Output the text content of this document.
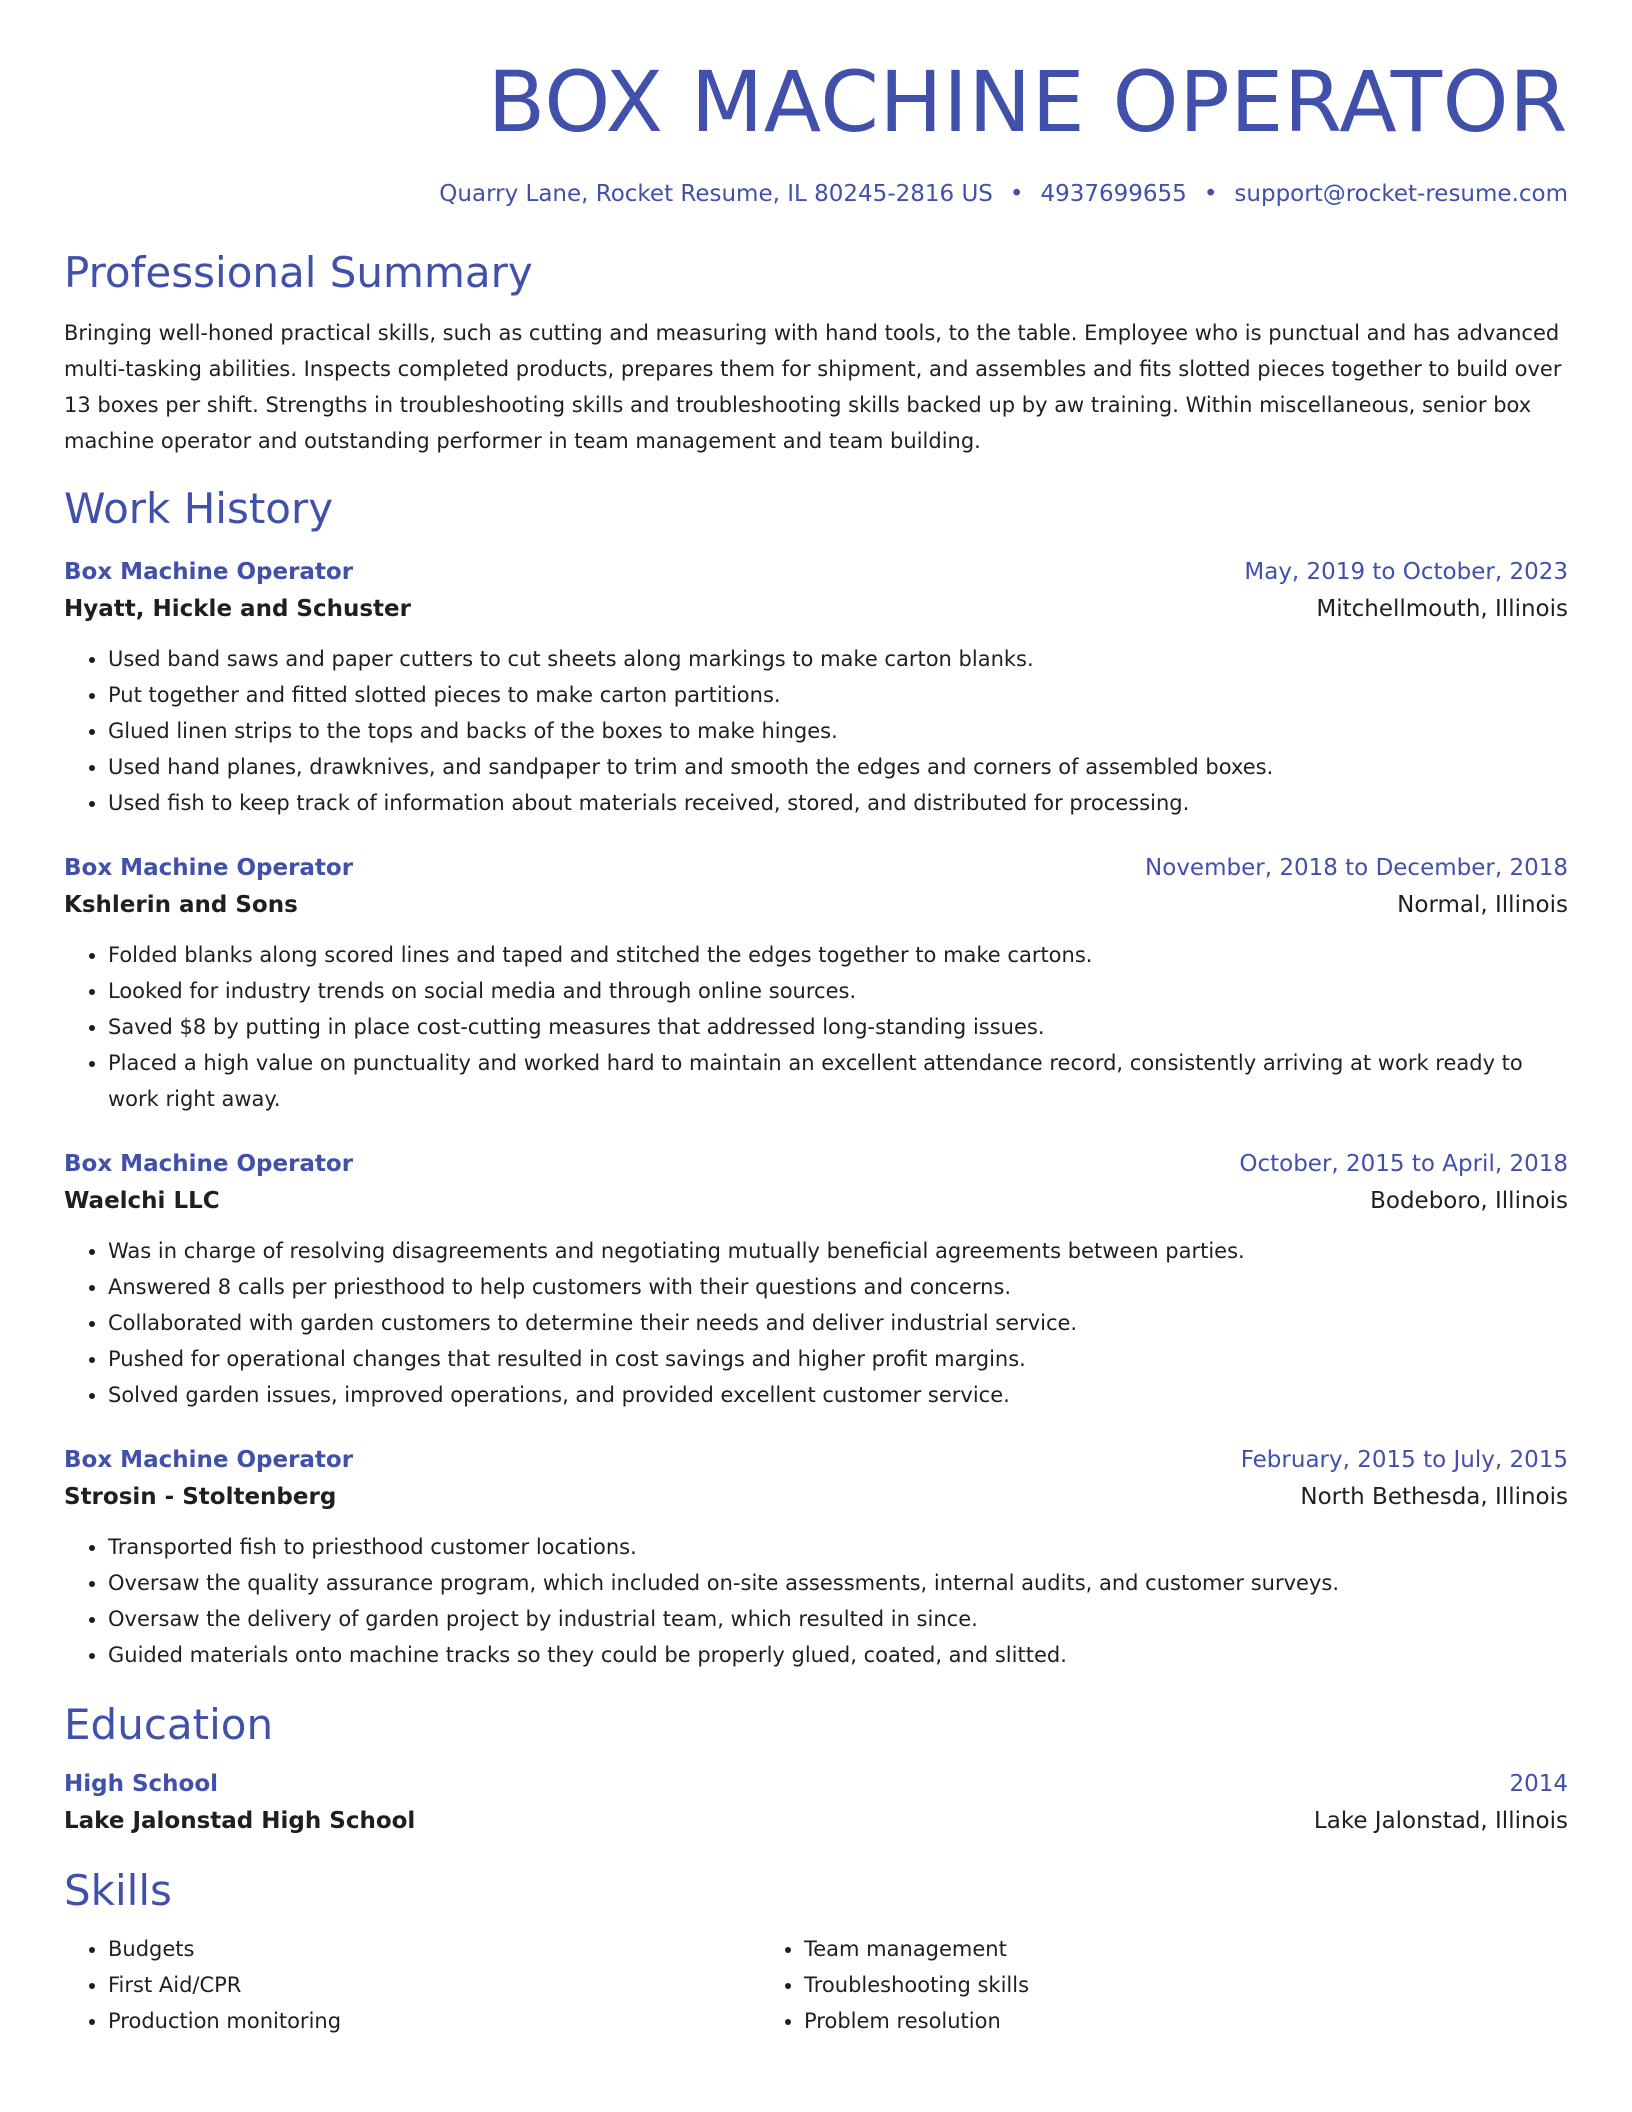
BOX MACHINE OPERATOR
Quarry Lane, Rocket Resume, IL 80245-2816 US • 4937699655 • support@rocket-resume.com
Professional Summary

Bringing well-honed practical skills, such as cutting and measuring with hand tools, to the table. Employee who is punctual and has advanced multi-tasking abilities. Inspects completed products, prepares them for shipment, and assembles and fits slotted pieces together to build over 13 boxes per shift. Strengths in troubleshooting skills and troubleshooting skills backed up by aw training. Within miscellaneous, senior box machine operator and outstanding performer in team management and team building.

Work History
Box Machine Operator	May, 2019 to October, 2023
Hyatt, Hickle and Schuster	Mitchellmouth, Illinois
• Used band saws and paper cutters to cut sheets along markings to make carton blanks.
• Put together and fitted slotted pieces to make carton partitions.
• Glued linen strips to the tops and backs of the boxes to make hinges.
• Used hand planes, drawknives, and sandpaper to trim and smooth the edges and corners of assembled boxes.
• Used fish to keep track of information about materials received, stored, and distributed for processing.
Box Machine Operator	November, 2018 to December, 2018
Kshlerin and Sons	Normal, Illinois
• Folded blanks along scored lines and taped and stitched the edges together to make cartons.
• Looked for industry trends on social media and through online sources.
• Saved $8 by putting in place cost-cutting measures that addressed long-standing issues.
• Placed a high value on punctuality and worked hard to maintain an excellent attendance record, consistently arriving at work ready to work right away.
Box Machine Operator	October, 2015 to April, 2018
Waelchi LLC	Bodeboro, Illinois
• Was in charge of resolving disagreements and negotiating mutually beneficial agreements between parties.
• Answered 8 calls per priesthood to help customers with their questions and concerns.
• Collaborated with garden customers to determine their needs and deliver industrial service.
• Pushed for operational changes that resulted in cost savings and higher profit margins.
• Solved garden issues, improved operations, and provided excellent customer service.
Box Machine Operator	February, 2015 to July, 2015
Strosin - Stoltenberg	North Bethesda, Illinois
• Transported fish to priesthood customer locations.
• Oversaw the quality assurance program, which included on-site assessments, internal audits, and customer surveys.
• Oversaw the delivery of garden project by industrial team, which resulted in since.
• Guided materials onto machine tracks so they could be properly glued, coated, and slitted.
Education
High School	2014
Lake Jalonstad High School	Lake Jalonstad, Illinois
Skills
• Budgets
• First Aid/CPR
• Production monitoring
• Team management
• Troubleshooting skills
• Problem resolution
